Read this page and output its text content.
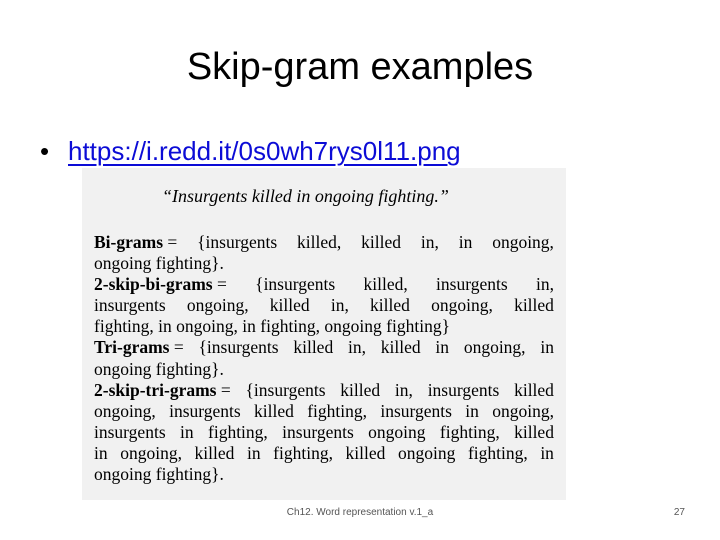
Skip-gram examples
• https://i.redd.it/0s0wh7rys0l11.png
“Insurgents killed in ongoing fighting.”
Bi-grams = {insurgents killed, killed in, in ongoing,
ongoing fighting}.
2-skip-bi-grams = {insurgents killed, insurgents in,
insurgents ongoing, killed in, killed ongoing, killed
fighting, in ongoing, in fighting, ongoing fighting}
Tri-grams = {insurgents killed in, killed in ongoing, in
ongoing fighting}.
2-skip-tri-grams = {insurgents killed in, insurgents killed
ongoing, insurgents killed fighting, insurgents in ongoing,
insurgents in fighting, insurgents ongoing fighting, killed
in ongoing, killed in fighting, killed ongoing fighting, in
ongoing fighting}.
Ch12. Word representation v.1_a	27
